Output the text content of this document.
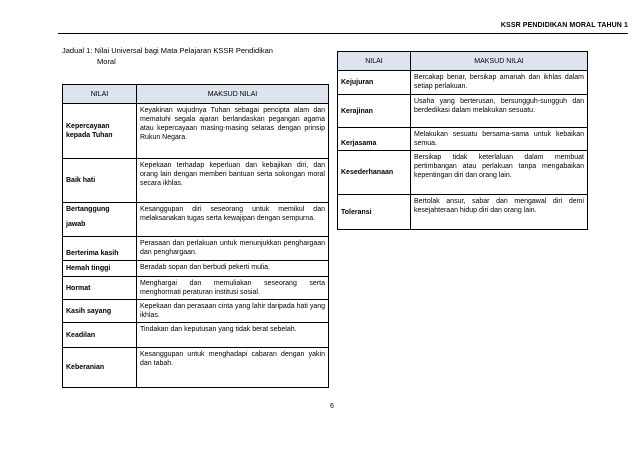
KSSR PENDIDIKAN MORAL TAHUN 1
Jadual 1: Nilai Universal bagi Mata Pelajaran KSSR Pendidikan
Moral
NILAI	MAKSUD NILAI
Kepercayaan kepada Tuhan	Keyakinan wujudnya Tuhan sebagai pencipta alam dan mematuhi segala ajaran berlandaskan pegangan agama atau kepercayaan masing-masing selaras dengan prinsip Rukun Negara.
Baik hati	Kepekaan terhadap keperluan dan kebajikan diri, dan orang lain dengan memberi bantuan serta sokongan moral secara ikhlas.
Bertanggung
jawab	Kesanggupan diri seseorang untuk memikul dan melaksanakan tugas serta kewajipan dengan sempurna.
Berterima kasih	Perasaan dan perlakuan untuk menunjukkan penghargaan dan penghargaan.
Hemah tinggi	Beradab sopan dan berbudi pekerti mulia.
Hormat	Menghargai dan memuliakan seseorang serta menghormati peraturan institusi sosial.
Kasih sayang	Kepekaan dan perasaan cinta yang lahir daripada hati yang ikhlas.
Keadilan	Tindakan dan keputusan yang tidak berat sebelah.
Keberanian	Kesanggupan untuk menghadapi cabaran dengan yakin dan tabah.
NILAI	MAKSUD NILAI
Kejujuran	Bercakap benar, bersikap amanah dan ikhlas dalam setiap perlakuan.
Kerajinan	Usaha yang berterusan, bersungguh-sungguh dan berdedikasi dalam melakukan sesuatu.
Kerjasama	Melakukan sesuatu bersama-sama untuk kebaikan semua.
Kesederhanaan	Bersikap tidak keterlaluan dalam membuat pertimbangan atau perlakuan tanpa mengabaikan kepentingan diri dan orang lain.
Toleransi	Bertolak ansur, sabar dan mengawal diri demi kesejahteraan hidup diri dan orang lain.
6
